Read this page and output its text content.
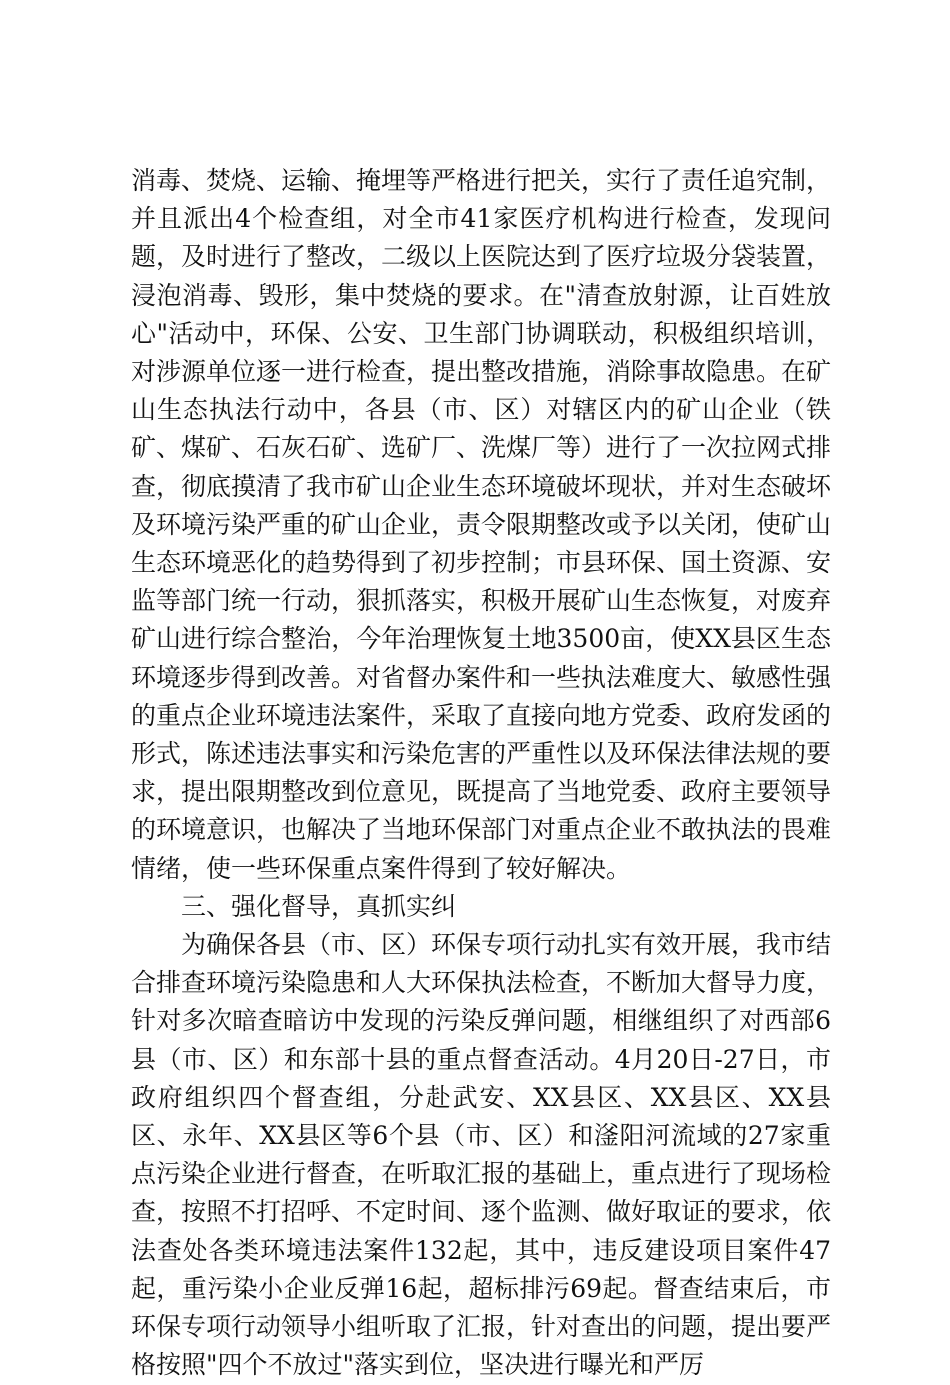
消毒、焚烧、运输、掩埋等严格进行把关，实行了责任追究制，并且派出4个检查组，对全市41家医疗机构进行检查，发现问题，及时进行了整改，二级以上医院达到了医疗垃圾分袋装置，浸泡消毒、毁形，集中焚烧的要求。在"清查放射源，让百姓放心"活动中，环保、公安、卫生部门协调联动，积极组织培训，对涉源单位逐一进行检查，提出整改措施，消除事故隐患。在矿山生态执法行动中，各县（市、区）对辖区内的矿山企业（铁矿、煤矿、石灰石矿、选矿厂、洗煤厂等）进行了一次拉网式排查，彻底摸清了我市矿山企业生态环境破坏现状，并对生态破坏及环境污染严重的矿山企业，责令限期整改或予以关闭，使矿山生态环境恶化的趋势得到了初步控制；市县环保、国土资源、安监等部门统一行动，狠抓落实，积极开展矿山生态恢复，对废弃矿山进行综合整治，今年治理恢复土地3500亩，使XX县区生态环境逐步得到改善。对省督办案件和一些执法难度大、敏感性强的重点企业环境违法案件，采取了直接向地方党委、政府发函的形式，陈述违法事实和污染危害的严重性以及环保法律法规的要求，提出限期整改到位意见，既提高了当地党委、政府主要领导的环境意识，也解决了当地环保部门对重点企业不敢执法的畏难情绪，使一些环保重点案件得到了较好解决。

三、强化督导，真抓实纠

为确保各县（市、区）环保专项行动扎实有效开展，我市结合排查环境污染隐患和人大环保执法检查，不断加大督导力度，针对多次暗查暗访中发现的污染反弹问题，相继组织了对西部6县（市、区）和东部十县的重点督查活动。4月20日-27日，市政府组织四个督查组，分赴武安、XX县区、XX县区、XX县区、永年、XX县区等6个县（市、区）和滏阳河流域的27家重点污染企业进行督查，在听取汇报的基础上，重点进行了现场检查，按照不打招呼、不定时间、逐个监测、做好取证的要求，依法查处各类环境违法案件132起，其中，违反建设项目案件47起，重污染小企业反弹16起，超标排污69起。督查结束后，市环保专项行动领导小组听取了汇报，针对查出的问题，提出要严格按照"四个不放过"落实到位，坚决进行曝光和严厉
